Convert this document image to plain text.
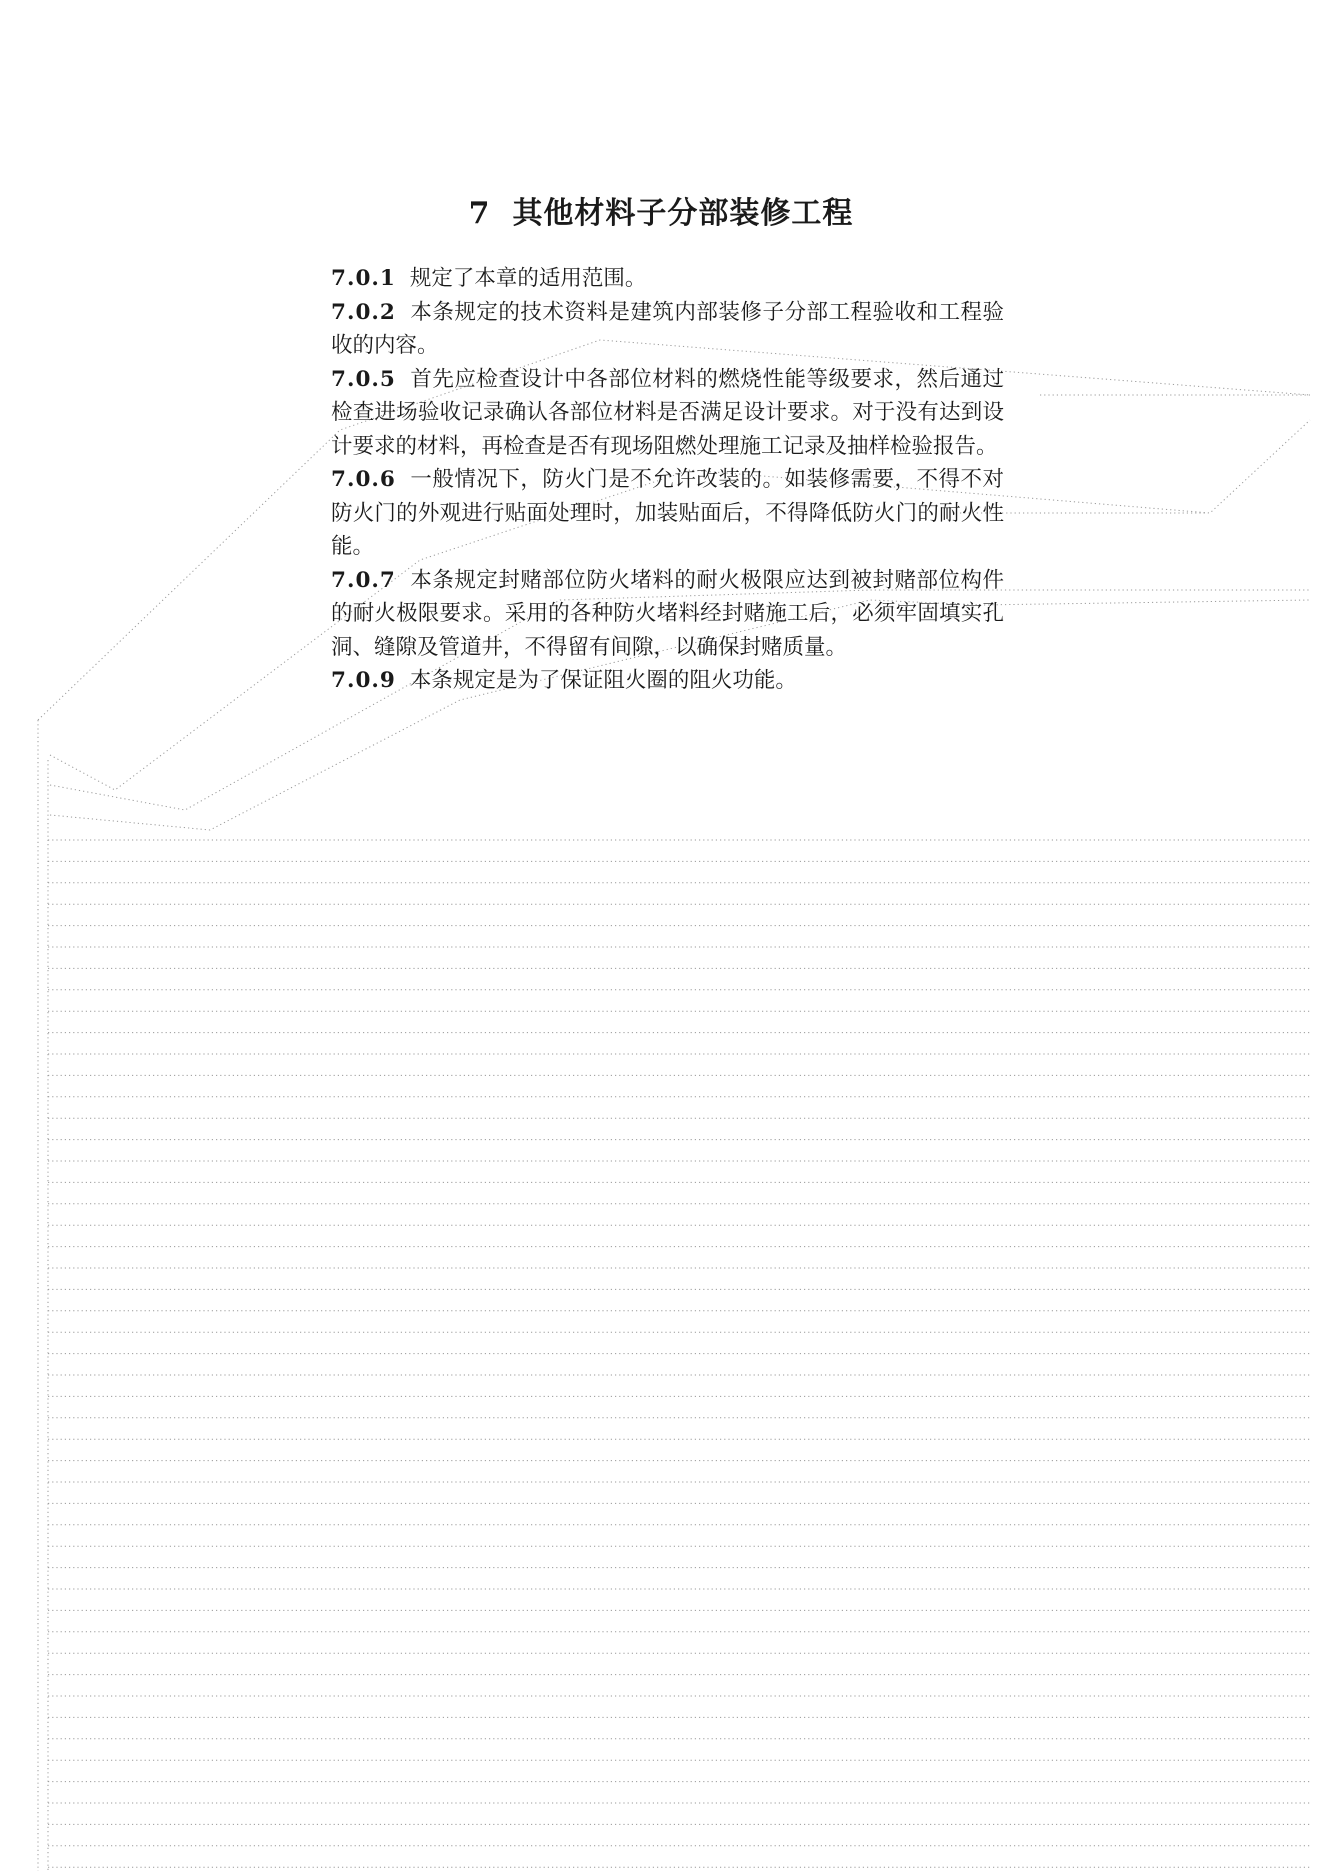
7 其他材料子分部装修工程

7.0.1 规定了本章的适用范围。

7.0.2 本条规定的技术资料是建筑内部装修子分部工程验收和工程验收的内容。

7.0.5 首先应检查设计中各部位材料的燃烧性能等级要求，然后通过检查进场验收记录确认各部位材料是否满足设计要求。对于没有达到设计要求的材料，再检查是否有现场阻燃处理施工记录及抽样检验报告。

7.0.6 一般情况下，防火门是不允许改装的。如装修需要，不得不对防火门的外观进行贴面处理时，加装贴面后，不得降低防火门的耐火性能。

7.0.7 本条规定封赌部位防火堵料的耐火极限应达到被封赌部位构件的耐火极限要求。采用的各种防火堵料经封赌施工后，必须牢固填实孔洞、缝隙及管道井，不得留有间隙，以确保封赌质量。

7.0.9 本条规定是为了保证阻火圈的阻火功能。
